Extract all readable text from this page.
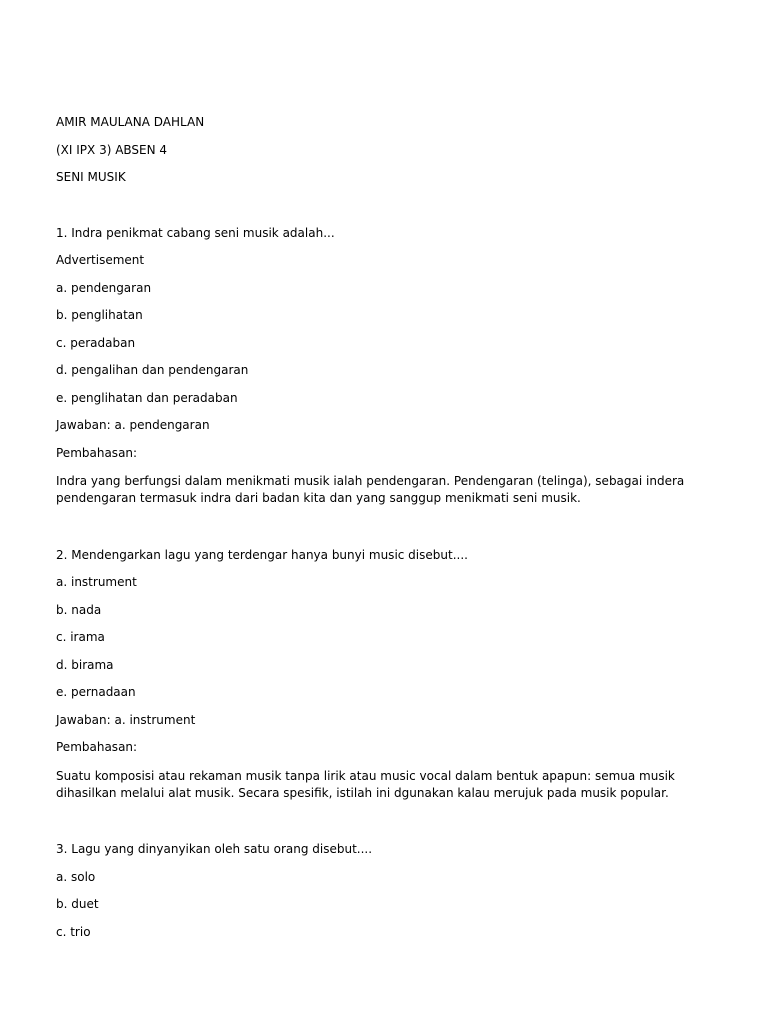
AMIR MAULANA DAHLAN
(XI IPX 3) ABSEN 4
SENI MUSIK
1. Indra penikmat cabang seni musik adalah...
Advertisement
a. pendengaran
b. penglihatan
c. peradaban
d. pengalihan dan pendengaran
e. penglihatan dan peradaban
Jawaban: a. pendengaran
Pembahasan:
Indra yang berfungsi dalam menikmati musik ialah pendengaran. Pendengaran (telinga), sebagai indera pendengaran termasuk indra dari badan kita dan yang sanggup menikmati seni musik.
2. Mendengarkan lagu yang terdengar hanya bunyi music disebut....
a. instrument
b. nada
c. irama
d. birama
e. pernadaan
Jawaban: a. instrument
Pembahasan:
Suatu komposisi atau rekaman musik tanpa lirik atau music vocal dalam bentuk apapun: semua musik dihasilkan melalui alat musik. Secara spesifik, istilah ini dgunakan kalau merujuk pada musik popular.
3. Lagu yang dinyanyikan oleh satu orang disebut....
a. solo
b. duet
c. trio
